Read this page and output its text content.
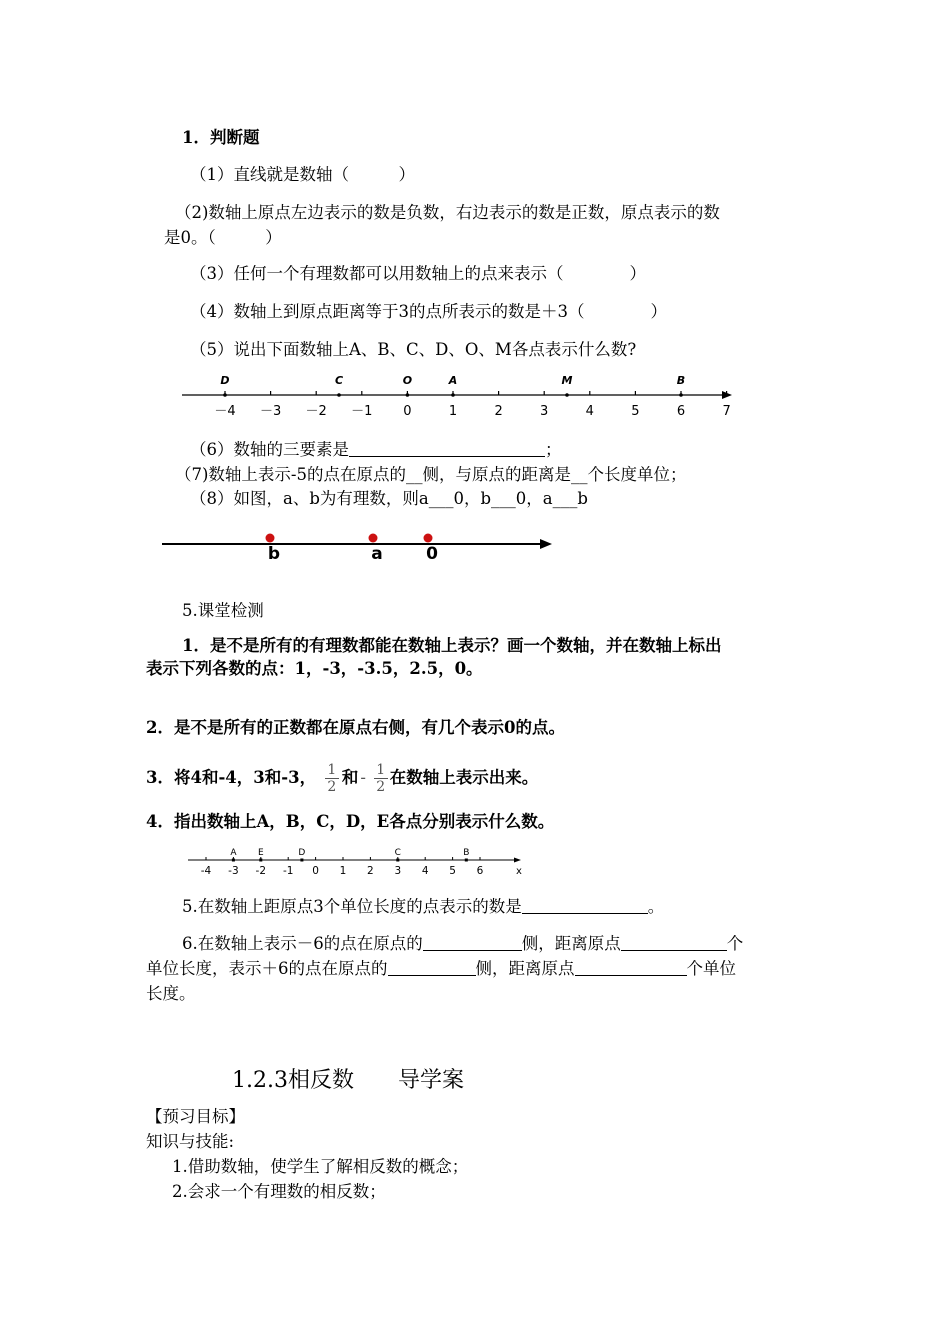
1．判断题
（1）直线就是数轴（　　　）
（2)数轴上原点左边表示的数是负数，右边表示的数是正数，原点表示的数
是0。（　　　）
（3）任何一个有理数都可以用数轴上的点来表示（　　　　）
（4）数轴上到原点距离等于3的点所表示的数是＋3（　　　　）
（5）说出下面数轴上A、B、C、D、O、M各点表示什么数?
－4 －3 －2 －1 0	1	2	3	4	5	6	7
D	C	O	A	M	B
（6）数轴的三要素是	；
（7)数轴上表示-5的点在原点的__侧，与原点的距离是__个长度单位；
（8）如图，a、b为有理数，则a___0，b___0，a___b
b	a	0
5.课堂检测
1．是不是所有的有理数都能在数轴上表示？画一个数轴，并在数轴上标出
表示下列各数的点：1，-3，-3.5，2.5，0。
2．是不是所有的正数都在原点右侧，有几个表示0的点。
3．将4和-4，3和-3， $\frac{1}{2}$ 和 - $\frac{1}{2}$ 在数轴上表示出来。
4．指出数轴上A，B，C，D，E各点分别表示什么数。
-4 -3 -2 -1 0 1 2 3 4 5 6
A E	D	C	B
x
5.在数轴上距原点3个单位长度的点表示的数是	。
6.在数轴上表示－6的点在原点的	侧，距离原点	个
单位长度，表示＋6的点在原点的	侧，距离原点	个单位
长度。
1.2.3相反数　　导学案
【预习目标】
知识与技能:
1.借助数轴，使学生了解相反数的概念；
2.会求一个有理数的相反数；
